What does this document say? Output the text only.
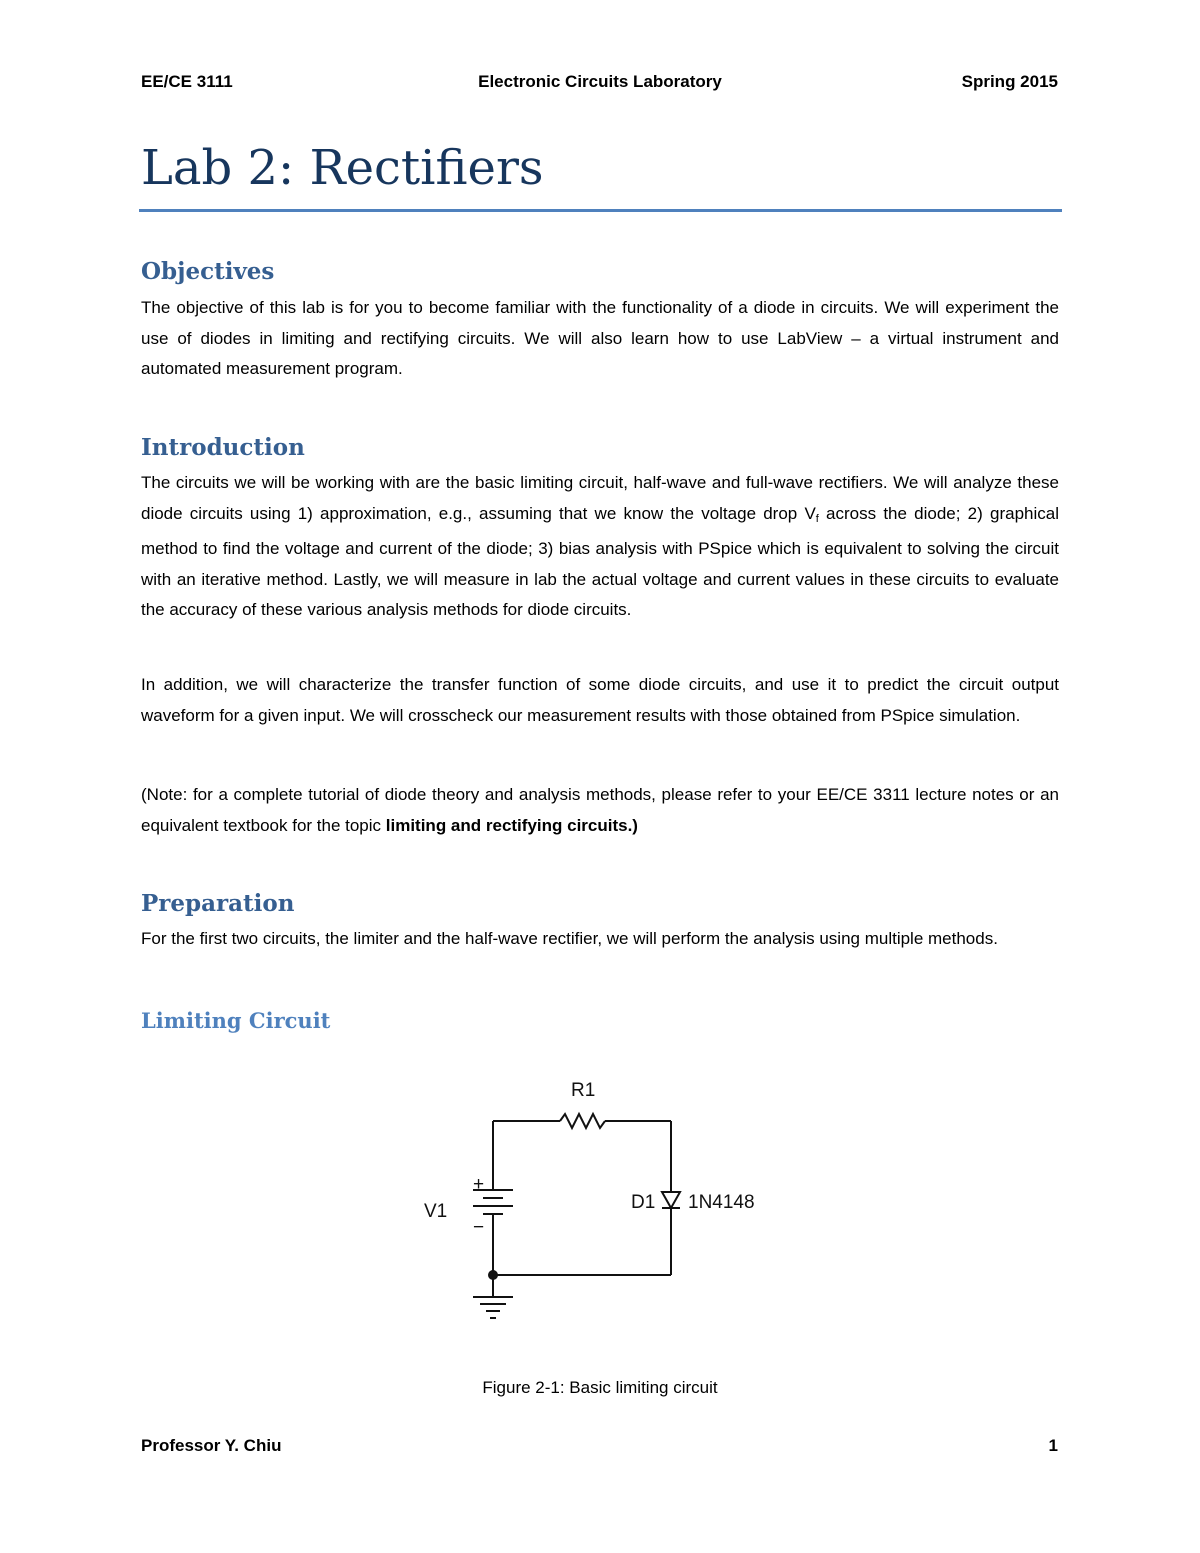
EE/CE 3111	Electronic Circuits Laboratory	Spring 2015
Lab 2: Rectifiers
Objectives

The objective of this lab is for you to become familiar with the functionality of a diode in circuits. We will experiment the use of diodes in limiting and rectifying circuits. We will also learn how to use LabView – a virtual instrument and automated measurement program.

Introduction

The circuits we will be working with are the basic limiting circuit, half-wave and full-wave rectifiers. We will analyze these diode circuits using 1) approximation, e.g., assuming that we know the voltage drop Vf across the diode; 2) graphical method to find the voltage and current of the diode; 3) bias analysis with PSpice which is equivalent to solving the circuit with an iterative method. Lastly, we will measure in lab the actual voltage and current values in these circuits to evaluate the accuracy of these various analysis methods for diode circuits.

In addition, we will characterize the transfer function of some diode circuits, and use it to predict the circuit output waveform for a given input. We will crosscheck our measurement results with those obtained from PSpice simulation.

(Note: for a complete tutorial of diode theory and analysis methods, please refer to your EE/CE 3311 lecture notes or an equivalent textbook for the topic limiting and rectifying circuits.)

Preparation

For the first two circuits, the limiter and the half-wave rectifier, we will perform the analysis using multiple methods.

Limiting Circuit
R1
+
−
V1	D1 1N4148
Figure 2-1: Basic limiting circuit
Professor Y. Chiu	1
